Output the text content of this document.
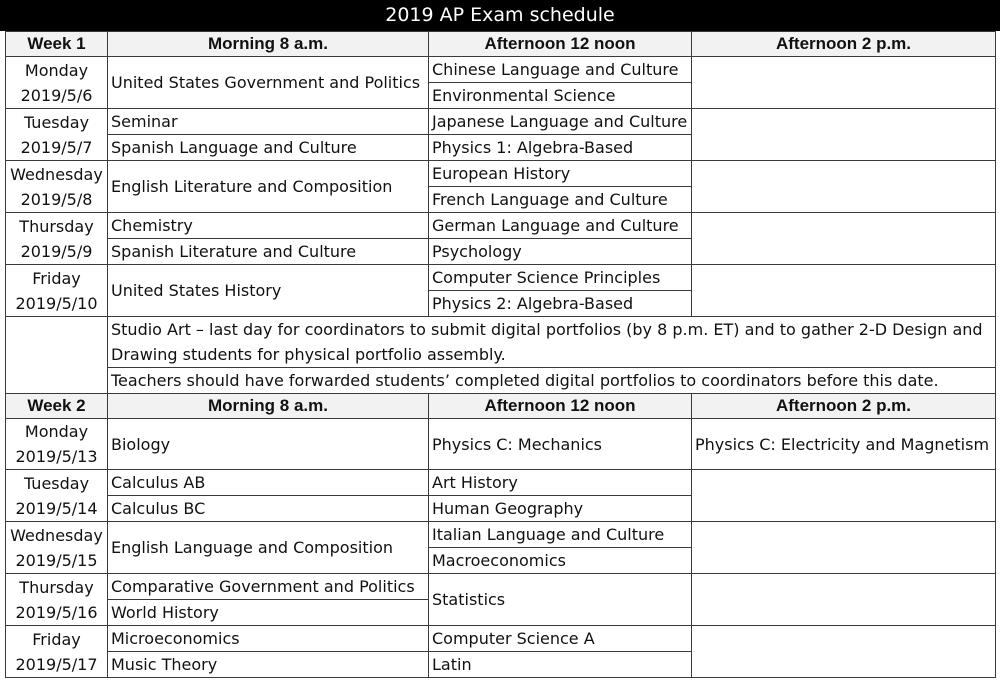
2019 AP Exam schedule
Week 1	Morning 8 a.m.	Afternoon 12 noon	Afternoon 2 p.m.

Monday
2019/5/6	United States Government and Politics	Chinese Language and Culture	
		Environmental Science	

Tuesday
2019/5/7	Seminar	Japanese Language and Culture	
	Spanish Language and Culture	Physics 1: Algebra-Based	

Wednesday
2019/5/8	English Literature and Composition	European History	
		French Language and Culture	

Thursday
2019/5/9	Chemistry	German Language and Culture	
	Spanish Literature and Culture	Psychology	

Friday
2019/5/10	United States History	Computer Science Principles	
		Physics 2: Algebra-Based	
	Studio Art – last day for coordinators to submit digital portfolios (by 8 p.m. ET) and to gather 2-D Design and Drawing students for physical portfolio assembly.		
	Teachers should have forwarded students’ completed digital portfolios to coordinators before this date.		
Week 2	Morning 8 a.m.	Afternoon 12 noon	Afternoon 2 p.m.

Monday
2019/5/13	Biology	Physics C: Mechanics	Physics C: Electricity and Magnetism

Tuesday
2019/5/14	Calculus AB	Art History	
	Calculus BC	Human Geography	

Wednesday
2019/5/15	English Language and Composition	Italian Language and Culture	
		Macroeconomics	

Thursday
2019/5/16	Comparative Government and Politics	Statistics	
	World History		

Friday
2019/5/17	Microeconomics	Computer Science A	
	Music Theory	Latin	
